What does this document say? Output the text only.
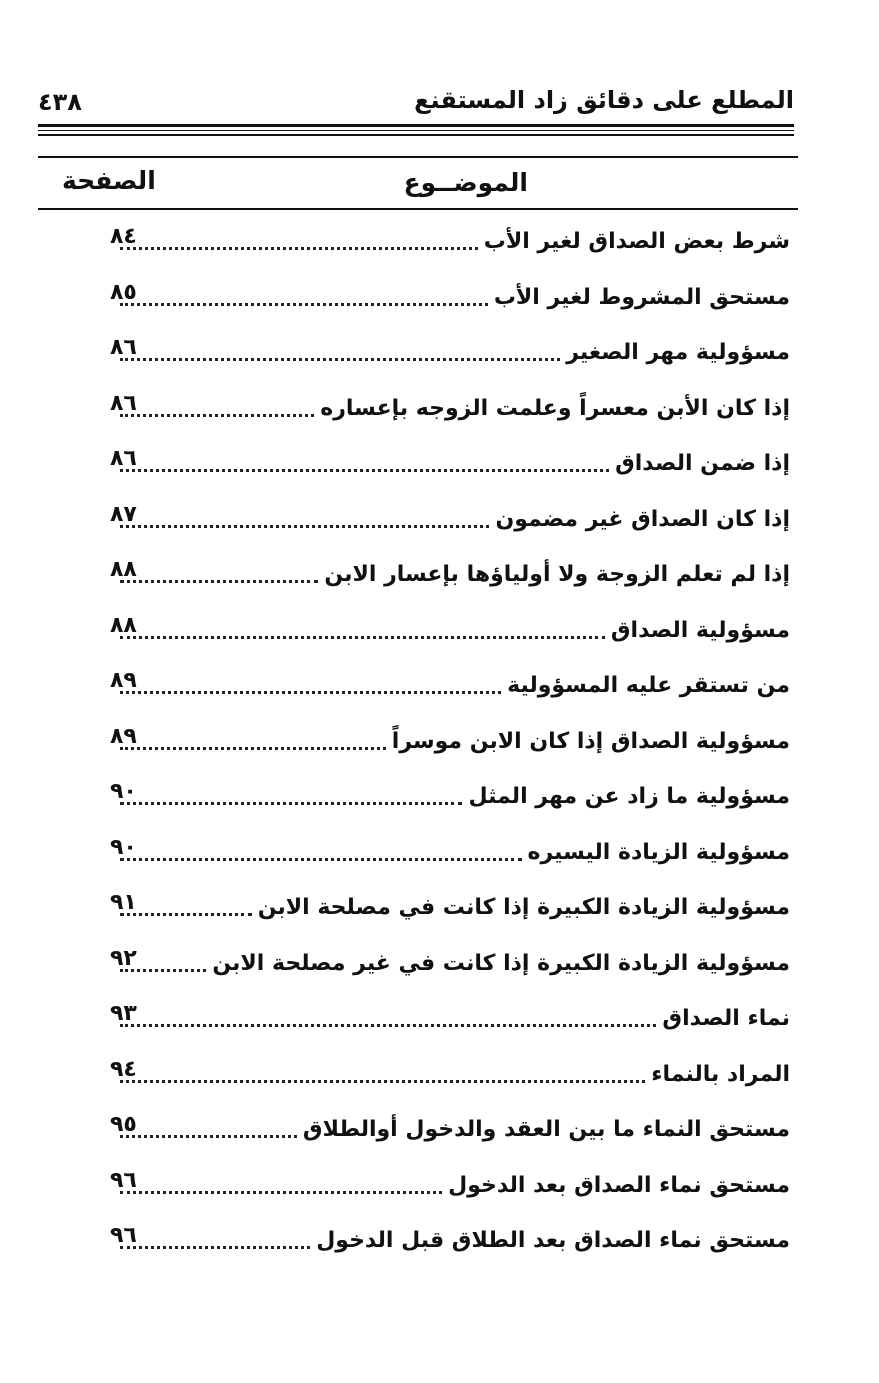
المطلع على دقائق زاد المستقنع
٤٣٨
الموضــوع
الصفحة
شرط بعض الصداق لغير الأب
٨٤
مستحق المشروط لغير الأب
٨٥
مسؤولية مهر الصغير
٨٦
إذا كان الأبن معسراً وعلمت الزوجه بإعساره
٨٦
إذا ضمن الصداق
٨٦
إذا كان الصداق غير مضمون
٨٧
إذا لم تعلم الزوجة ولا أولياؤها بإعسار الابن
٨٨
مسؤولية الصداق
٨٨
من تستقر عليه المسؤولية
٨٩
مسؤولية الصداق إذا كان الابن موسراً
٨٩
مسؤولية ما زاد عن مهر المثل
٩٠
مسؤولية الزيادة اليسيره
٩٠
مسؤولية الزيادة الكبيرة إذا كانت في مصلحة الابن
٩١
مسؤولية الزيادة الكبيرة إذا كانت في غير مصلحة الابن
٩٢
نماء الصداق
٩٣
المراد بالنماء
٩٤
مستحق النماء ما بين العقد والدخول أوالطلاق
٩٥
مستحق نماء الصداق بعد الدخول
٩٦
مستحق نماء الصداق بعد الطلاق قبل الدخول
٩٦
